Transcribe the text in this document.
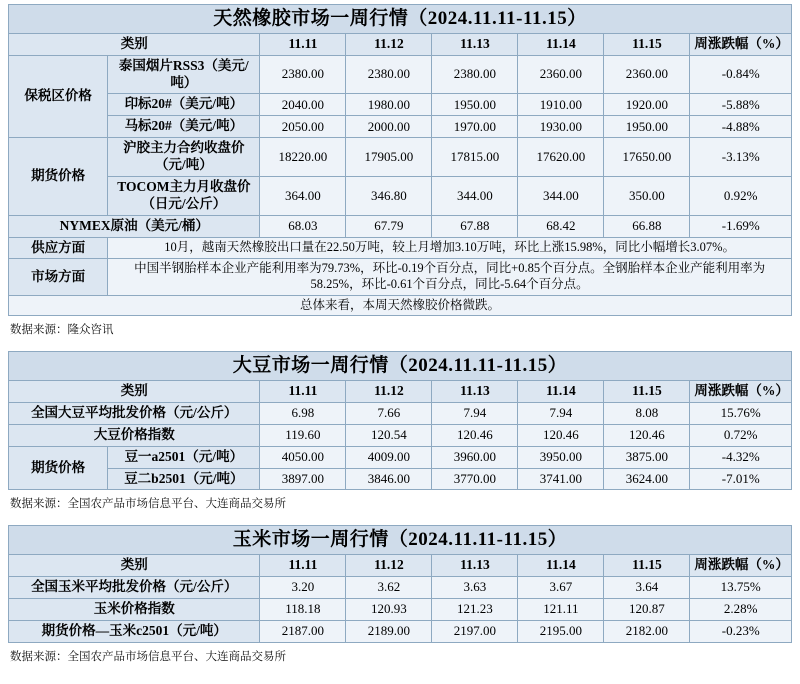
天然橡胶市场一周行情（2024.11.11-11.15）							
类别		11.11	11.12	11.13	11.14	11.15	周涨跌幅（%）
保税区价格	泰国烟片RSS3（美元/吨）	2380.00	2380.00	2380.00	2360.00	2360.00	-0.84%
	印标20#（美元/吨）	2040.00	1980.00	1950.00	1910.00	1920.00	-5.88%
	马标20#（美元/吨）	2050.00	2000.00	1970.00	1930.00	1950.00	-4.88%
期货价格	沪胶主力合约收盘价（元/吨）	18220.00	17905.00	17815.00	17620.00	17650.00	-3.13%
	TOCOM主力月收盘价（日元/公斤）	364.00	346.80	344.00	344.00	350.00	0.92%
NYMEX原油（美元/桶）		68.03	67.79	67.88	68.42	66.88	-1.69%
供应方面	10月，越南天然橡胶出口量在22.50万吨，较上月增加3.10万吨，环比上涨15.98%，同比小幅增长3.07%。						
市场方面	中国半钢胎样本企业产能利用率为79.73%，环比-0.19个百分点，同比+0.85个百分点。全钢胎样本企业产能利用率为58.25%，环比-0.61个百分点，同比-5.64个百分点。						
总体来看，本周天然橡胶价格微跌。							
数据来源：隆众咨讯
大豆市场一周行情（2024.11.11-11.15）							
类别		11.11	11.12	11.13	11.14	11.15	周涨跌幅（%）
全国大豆平均批发价格（元/公斤）		6.98	7.66	7.94	7.94	8.08	15.76%
大豆价格指数		119.60	120.54	120.46	120.46	120.46	0.72%
期货价格	豆一a2501（元/吨）	4050.00	4009.00	3960.00	3950.00	3875.00	-4.32%
	豆二b2501（元/吨）	3897.00	3846.00	3770.00	3741.00	3624.00	-7.01%
数据来源：全国农产品市场信息平台、大连商品交易所
玉米市场一周行情（2024.11.11-11.15）						
类别	11.11	11.12	11.13	11.14	11.15	周涨跌幅（%）
全国玉米平均批发价格（元/公斤）	3.20	3.62	3.63	3.67	3.64	13.75%
玉米价格指数	118.18	120.93	121.23	121.11	120.87	2.28%
期货价格—玉米c2501（元/吨）	2187.00	2189.00	2197.00	2195.00	2182.00	-0.23%
数据来源：全国农产品市场信息平台、大连商品交易所
